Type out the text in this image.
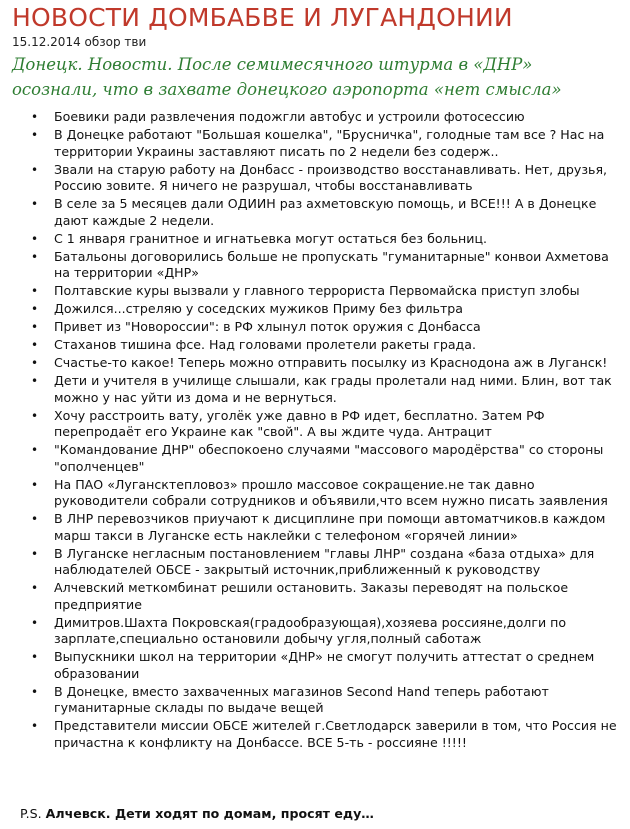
НОВОСТИ ДОМБАБВЕ И ЛУГАНДОНИИ
15.12.2014 обзор тви
Донецк. Новости. После семимесячного штурма в «ДНР» осознали, что в захвате донецкого аэропорта «нет смысла»
• Боевики ради развлечения подожгли автобус и устроили фотосессию
• В Донецке работают "Большая кошелка", "Брусничка", голодные там все ? Нас на территории Украины заставляют писать по 2 недели без содерж..
• Звали на старую работу на Донбасс - производство восстанавливать. Нет, друзья, Россию зовите. Я ничего не разрушал, чтобы восстанавливать
• В селе за 5 месяцев дали ОДИИН раз ахметовскую помощь, и ВСЕ!!! А в Донецке дают каждые 2 недели.
• С 1 января гранитное и игнатьевка могут остаться без больниц.
• Батальоны договорились больше не пропускать "гуманитарные" конвои Ахметова на территории «ДНР»
• Полтавские куры вызвали у главного террориста Первомайска приступ злобы
• Дожился...стреляю у соседских мужиков Приму без фильтра
• Привет из "Новороссии": в РФ хлынул поток оружия с Донбасса
• Стаханов тишина фсе. Над головами пролетели ракеты града.
• Счастье-то какое! Теперь можно отправить посылку из Краснодона аж в Луганск!
• Дети и учителя в училище слышали, как грады пролетали над ними. Блин, вот так можно у нас уйти из дома и не вернуться.
• Хочу расстроить вату, уголёк уже давно в РФ идет, бесплатно. Затем РФ перепродаёт его Украине как "свой". А вы ждите чуда. Антрацит
• "Командование ДНР" обеспокоено случаями "массового мародёрства" со стороны "ополченцев"
• На ПАО «Лугансктепловоз» прошло массовое сокращение.не так давно руководители собрали сотрудников и объявили,что всем нужно писать заявления
• В ЛНР перевозчиков приучают к дисциплине при помощи автоматчиков.в каждом марш такси в Луганске есть наклейки с телефоном «горячей линии»
• В Луганске негласным постановлением "главы ЛНР" создана «база отдыха» для наблюдателей ОБСЕ - закрытый источник,приближенный к руководству
• Алчевский меткомбинат решили остановить. Заказы переводят на польское предприятие
• Димитров.Шахта Покровская(градообразующая),хозяева россияне,долги по зарплате,специально остановили добычу угля,полный саботаж
• Выпускники школ на территории «ДНР» не смогут получить аттестат о среднем образовании
• В Донецке, вместо захваченных магазинов Second Hand теперь работают гуманитарные склады по выдаче вещей
• Представители миссии ОБСЕ жителей г.Светлодарск заверили в том, что Россия не причастна к конфликту на Донбассе. ВСЕ 5-ть - россияне !!!!!
P.S. Алчевск. Дети ходят по домам, просят еду…
